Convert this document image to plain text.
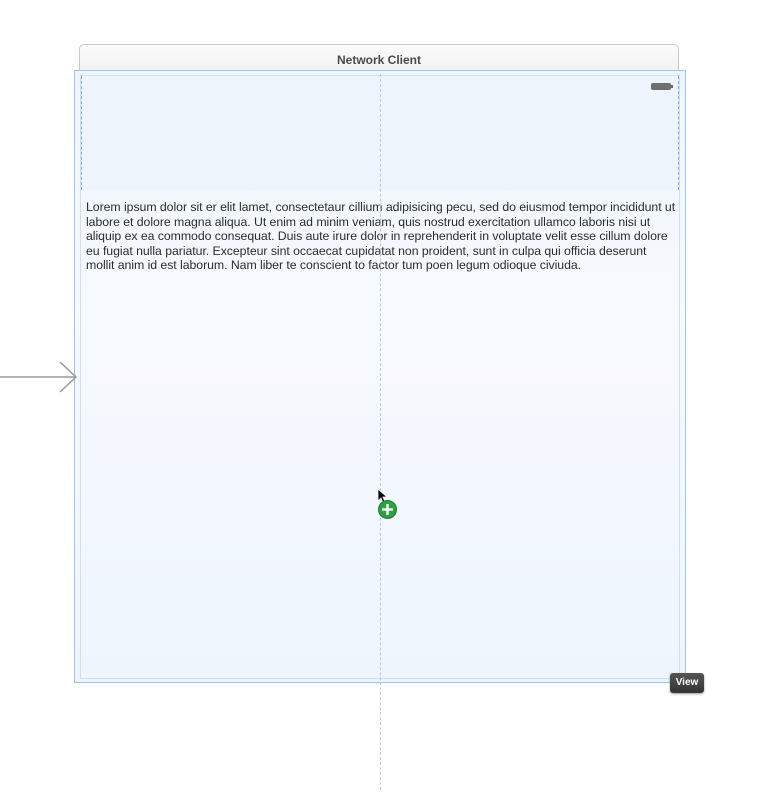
Network Client
Lorem ipsum dolor sit er elit lamet, consectetaur cillium adipisicing pecu, sed do eiusmod tempor incididunt ut labore et dolore magna aliqua. Ut enim ad minim veniam, quis nostrud exercitation ullamco laboris nisi ut aliquip ex ea commodo consequat. Duis aute irure dolor in reprehenderit in voluptate velit esse cillum dolore eu fugiat nulla pariatur. Excepteur sint occaecat cupidatat non proident, sunt in culpa qui officia deserunt mollit anim id est laborum. Nam liber te conscient to factor tum poen legum odioque civiuda.
View
